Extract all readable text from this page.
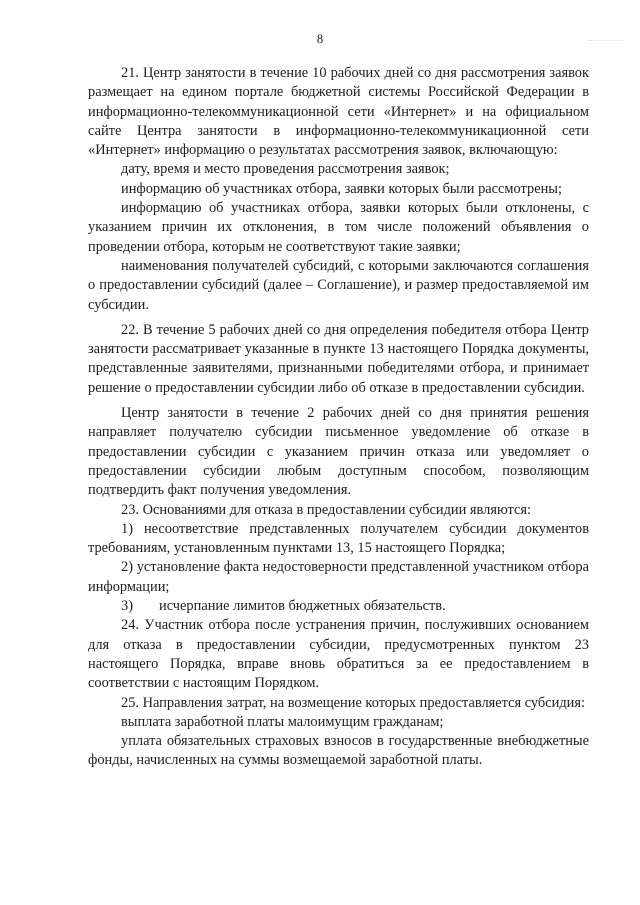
8

21. Центр занятости в течение 10 рабочих дней со дня рассмотрения заявок размещает на едином портале бюджетной системы Российской Федерации в информационно-телекоммуникационной сети «Интернет» и на официальном сайте Центра занятости в информационно-телекоммуникационной сети «Интернет» информацию о результатах рассмотрения заявок, включающую:

дату, время и место проведения рассмотрения заявок;

информацию об участниках отбора, заявки которых были рассмотрены;

информацию об участниках отбора, заявки которых были отклонены, с указанием причин их отклонения, в том числе положений объявления о проведении отбора, которым не соответствуют такие заявки;

наименования получателей субсидий, с которыми заключаются соглашения о предоставлении субсидий (далее – Соглашение), и размер предоставляемой им субсидии.

22. В течение 5 рабочих дней со дня определения победителя отбора Центр занятости рассматривает указанные в пункте 13 настоящего Порядка документы, представленные заявителями, признанными победителями отбора, и принимает решение о предоставлении субсидии либо об отказе в предоставлении субсидии.

Центр занятости в течение 2 рабочих дней со дня принятия решения направляет получателю субсидии письменное уведомление об отказе в предоставлении субсидии с указанием причин отказа или уведомляет о предоставлении субсидии любым доступным способом, позволяющим подтвердить факт получения уведомления.

23. Основаниями для отказа в предоставлении субсидии являются:

1) несоответствие представленных получателем субсидии документов требованиям, установленным пунктами 13, 15 настоящего Порядка;

2) установление факта недостоверности представленной участником отбора информации;

3)	исчерпание лимитов бюджетных обязательств.

24. Участник отбора после устранения причин, послуживших основанием для отказа в предоставлении субсидии, предусмотренных пунктом 23 настоящего Порядка, вправе вновь обратиться за ее предоставлением в соответствии с настоящим Порядком.

25. Направления затрат, на возмещение которых предоставляется субсидия:

выплата заработной платы малоимущим гражданам;

уплата обязательных страховых взносов в государственные внебюджетные фонды, начисленных на суммы возмещаемой заработной платы.
